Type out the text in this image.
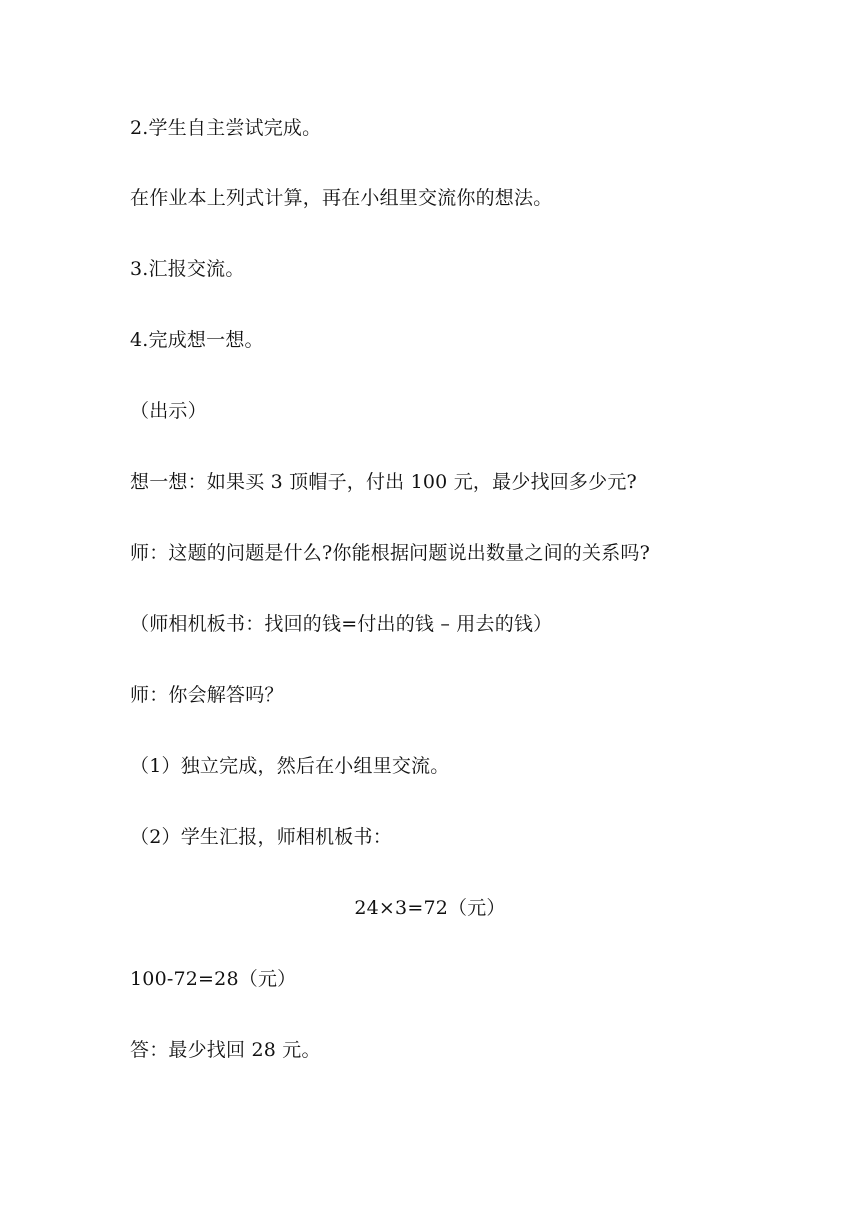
2.学生自主尝试完成。
在作业本上列式计算，再在小组里交流你的想法。
3.汇报交流。
4.完成想一想。
（出示）
想一想：如果买 3 顶帽子，付出 100 元，最少找回多少元?
师：这题的问题是什么?你能根据问题说出数量之间的关系吗?
（师相机板书：找回的钱=付出的钱 – 用去的钱）
师：你会解答吗？
（1）独立完成，然后在小组里交流。
（2）学生汇报，师相机板书：
24×3=72（元）
100-72=28（元）
答：最少找回 28 元。
